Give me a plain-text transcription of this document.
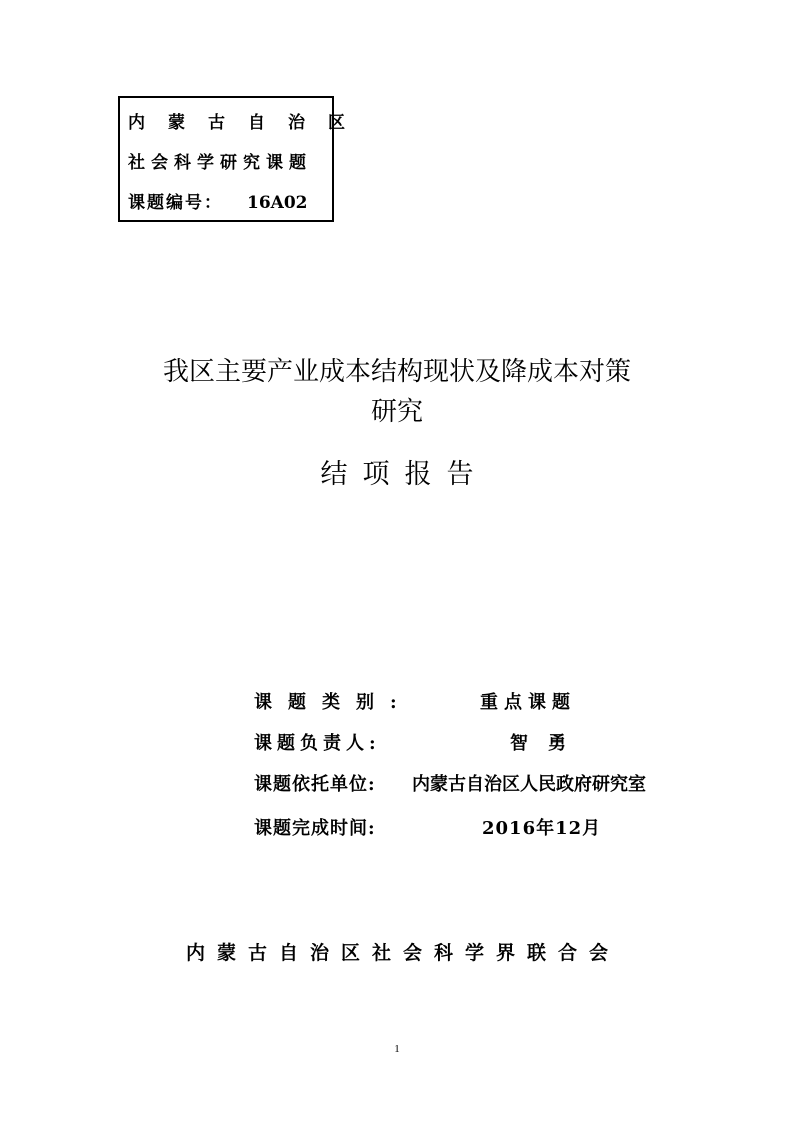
内蒙古自治区
社会科学研究课题
课题编号： 16A02
我区主要产业成本结构现状及降成本对策
研究
结项报告
课题类别:	重点课题
课题负责人:	智勇
课题依托单位: 内蒙古自治区人民政府研究室
课题完成时间:	2016年12月
内蒙古自治区社会科学界联合会
1
